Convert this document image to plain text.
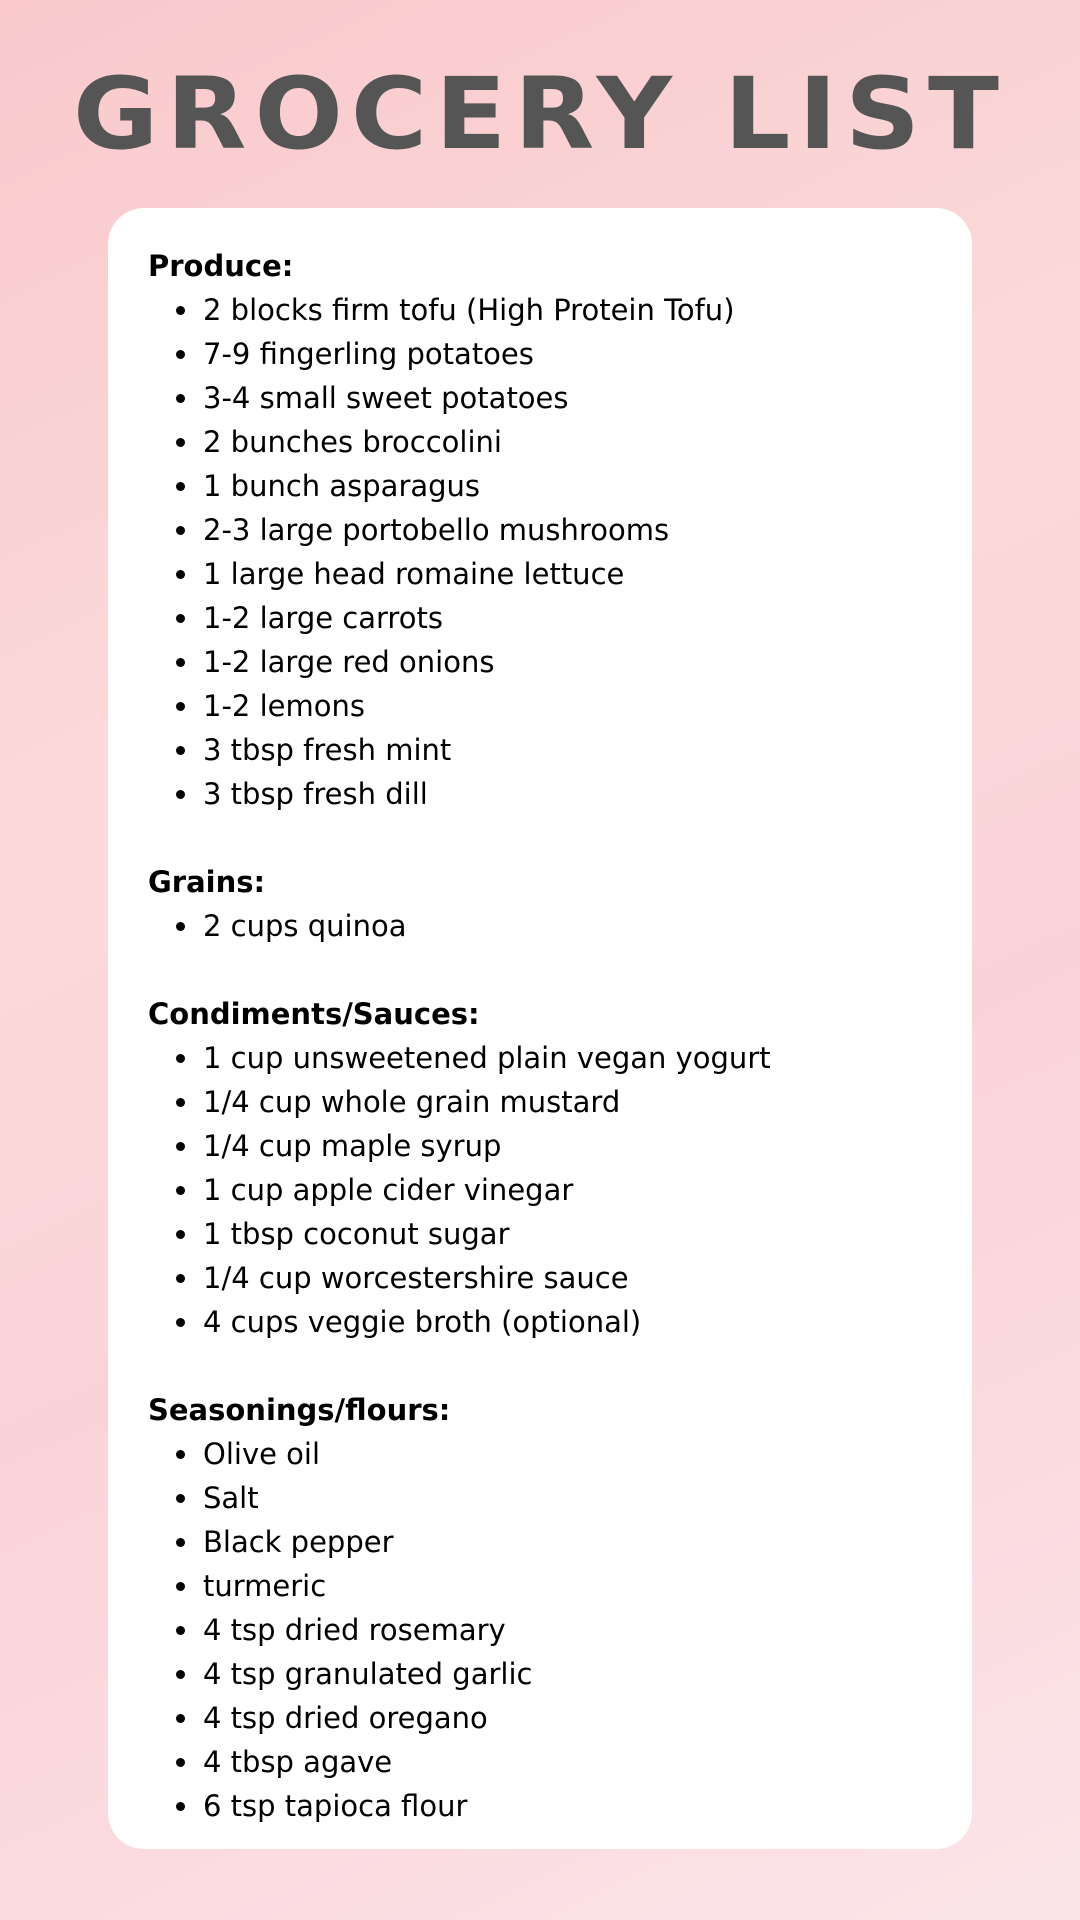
GROCERY LIST
Produce:
2 blocks firm tofu (High Protein Tofu)
7-9 fingerling potatoes
3-4 small sweet potatoes
2 bunches broccolini
1 bunch asparagus
2-3 large portobello mushrooms
1 large head romaine lettuce
1-2 large carrots
1-2 large red onions
1-2 lemons
3 tbsp fresh mint
3 tbsp fresh dill
Grains:
2 cups quinoa
Condiments/Sauces:
1 cup unsweetened plain vegan yogurt
1/4 cup whole grain mustard
1/4 cup maple syrup
1 cup apple cider vinegar
1 tbsp coconut sugar
1/4 cup worcestershire sauce
4 cups veggie broth (optional)
Seasonings/flours:
Olive oil
Salt
Black pepper
turmeric
4 tsp dried rosemary
4 tsp granulated garlic
4 tsp dried oregano
4 tbsp agave
6 tsp tapioca flour
